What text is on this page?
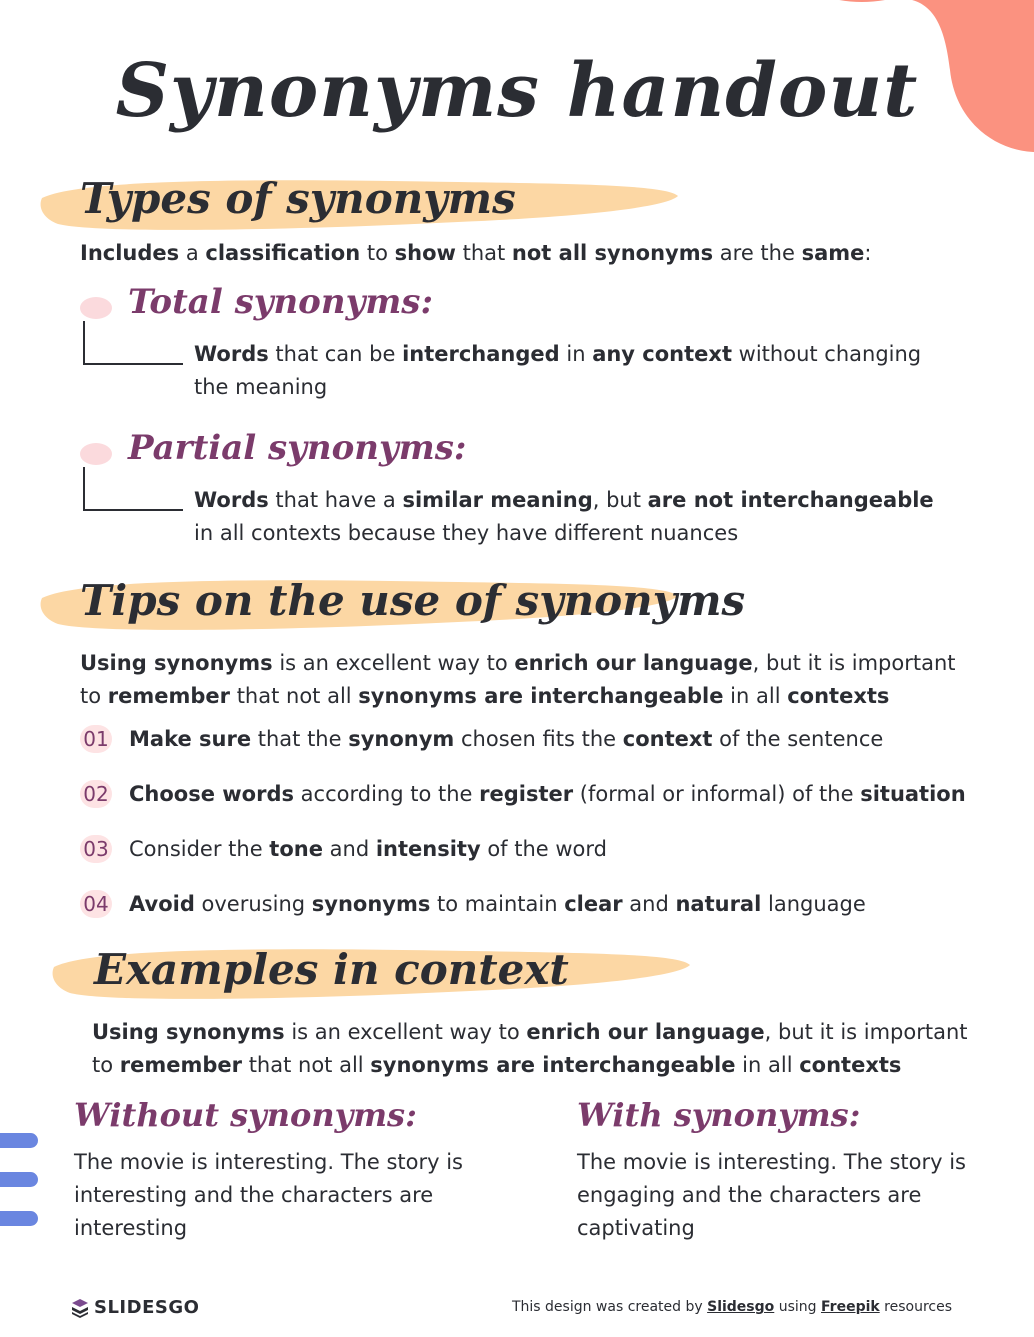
Synonyms handout
Types of synonyms
Includes a classification to show that not all synonyms are the same:
Total synonyms:
Words that can be interchanged in any context without changing the meaning
Partial synonyms:
Words that have a similar meaning, but are not interchangeable in all contexts because they have different nuances
Tips on the use of synonyms
Using synonyms is an excellent way to enrich our language, but it is important to remember that not all synonyms are interchangeable in all contexts
01 Make sure that the synonym chosen fits the context of the sentence
02 Choose words according to the register (formal or informal) of the situation
03 Consider the tone and intensity of the word
04 Avoid overusing synonyms to maintain clear and natural language
Examples in context
Using synonyms is an excellent way to enrich our language, but it is important to remember that not all synonyms are interchangeable in all contexts
Without synonyms:
The movie is interesting. The story is interesting and the characters are interesting
With synonyms:
The movie is interesting. The story is engaging and the characters are captivating
SLIDESGO	This design was created by Slidesgo using Freepik resources
